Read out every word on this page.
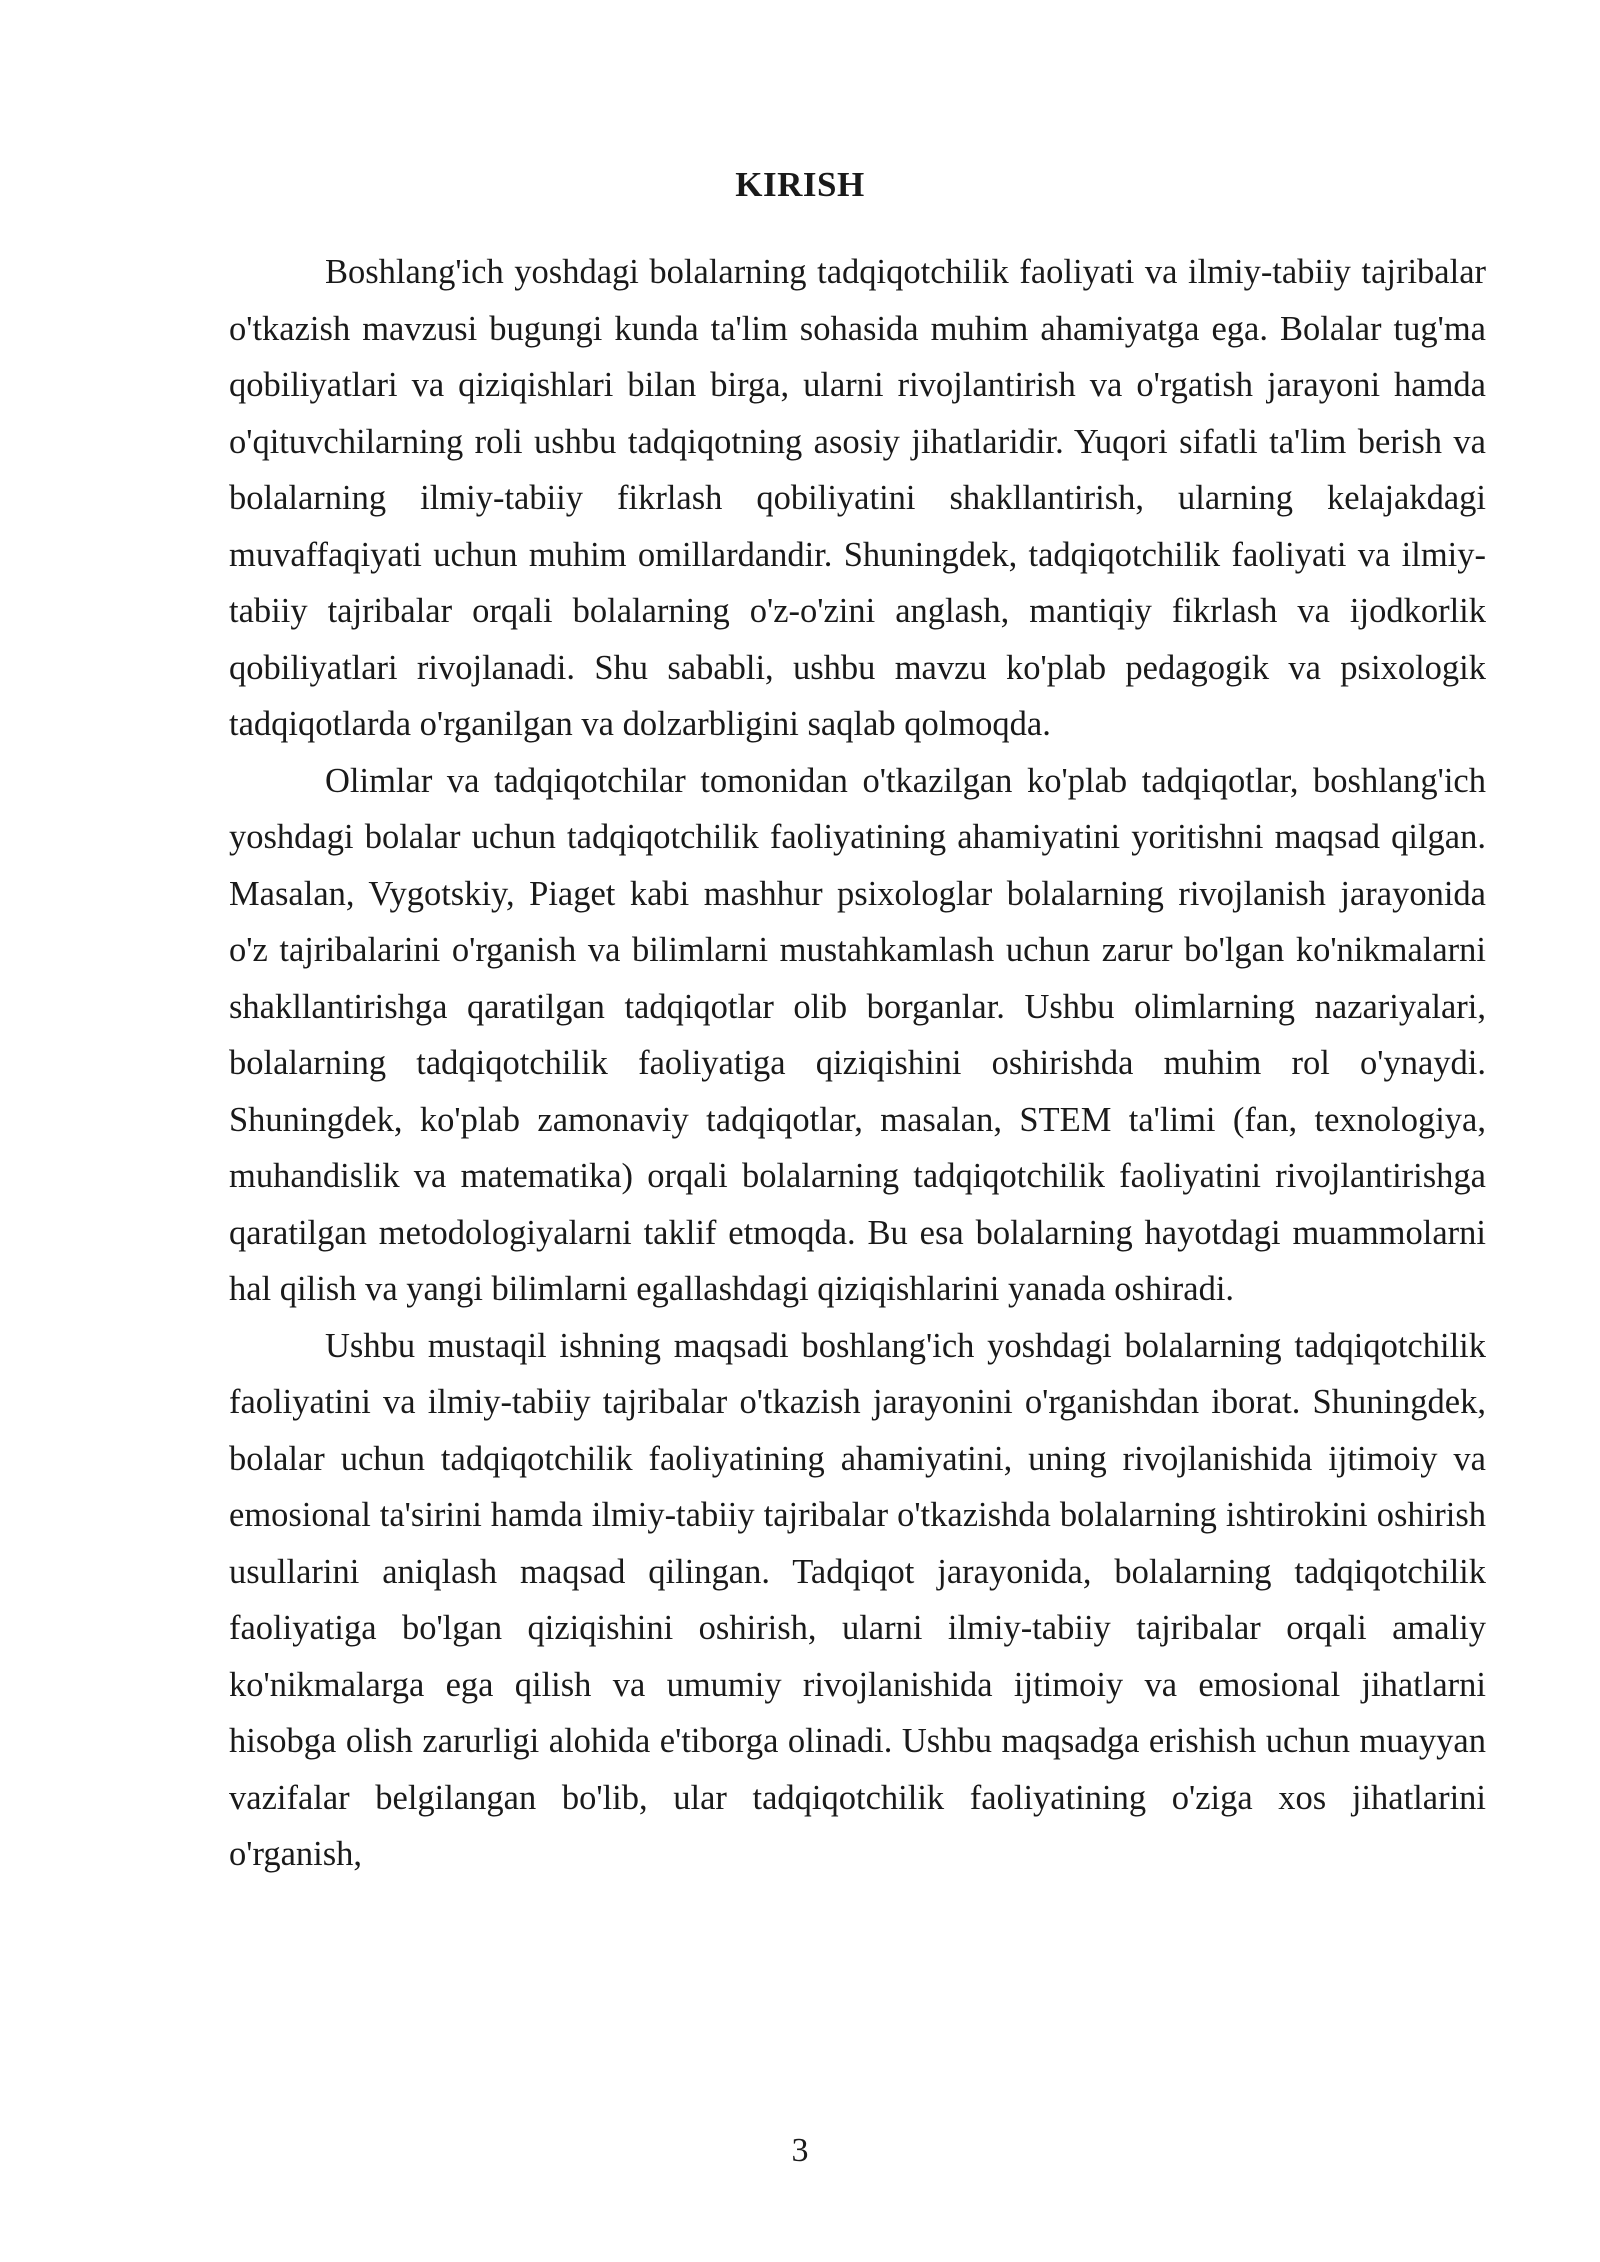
KIRISH

Boshlang'ich yoshdagi bolalarning tadqiqotchilik faoliyati va ilmiy-tabiiy tajribalar o'tkazish mavzusi bugungi kunda ta'lim sohasida muhim ahamiyatga ega. Bolalar tug'ma qobiliyatlari va qiziqishlari bilan birga, ularni rivojlantirish va o'rgatish jarayoni hamda o'qituvchilarning roli ushbu tadqiqotning asosiy jihatlaridir. Yuqori sifatli ta'lim berish va bolalarning ilmiy-tabiiy fikrlash qobiliyatini shakllantirish, ularning kelajakdagi muvaffaqiyati uchun muhim omillardandir. Shuningdek, tadqiqotchilik faoliyati va ilmiy-tabiiy tajribalar orqali bolalarning o'z-o'zini anglash, mantiqiy fikrlash va ijodkorlik qobiliyatlari rivojlanadi. Shu sababli, ushbu mavzu ko'plab pedagogik va psixologik tadqiqotlarda o'rganilgan va dolzarbligini saqlab qolmoqda.

Olimlar va tadqiqotchilar tomonidan o'tkazilgan ko'plab tadqiqotlar, boshlang'ich yoshdagi bolalar uchun tadqiqotchilik faoliyatining ahamiyatini yoritishni maqsad qilgan. Masalan, Vygotskiy, Piaget kabi mashhur psixologlar bolalarning rivojlanish jarayonida o'z tajribalarini o'rganish va bilimlarni mustahkamlash uchun zarur bo'lgan ko'nikmalarni shakllantirishga qaratilgan tadqiqotlar olib borganlar. Ushbu olimlarning nazariyalari, bolalarning tadqiqotchilik faoliyatiga qiziqishini oshirishda muhim rol o'ynaydi. Shuningdek, ko'plab zamonaviy tadqiqotlar, masalan, STEM ta'limi (fan, texnologiya, muhandislik va matematika) orqali bolalarning tadqiqotchilik faoliyatini rivojlantirishga qaratilgan metodologiyalarni taklif etmoqda. Bu esa bolalarning hayotdagi muammolarni hal qilish va yangi bilimlarni egallashdagi qiziqishlarini yanada oshiradi.

Ushbu mustaqil ishning maqsadi boshlang'ich yoshdagi bolalarning tadqiqotchilik faoliyatini va ilmiy-tabiiy tajribalar o'tkazish jarayonini o'rganishdan iborat. Shuningdek, bolalar uchun tadqiqotchilik faoliyatining ahamiyatini, uning rivojlanishida ijtimoiy va emosional ta'sirini hamda ilmiy-tabiiy tajribalar o'tkazishda bolalarning ishtirokini oshirish usullarini aniqlash maqsad qilingan. Tadqiqot jarayonida, bolalarning tadqiqotchilik faoliyatiga bo'lgan qiziqishini oshirish, ularni ilmiy-tabiiy tajribalar orqali amaliy ko'nikmalarga ega qilish va umumiy rivojlanishida ijtimoiy va emosional jihatlarni hisobga olish zarurligi alohida e'tiborga olinadi. Ushbu maqsadga erishish uchun muayyan vazifalar belgilangan bo'lib, ular tadqiqotchilik faoliyatining o'ziga xos jihatlarini o'rganish,

3
